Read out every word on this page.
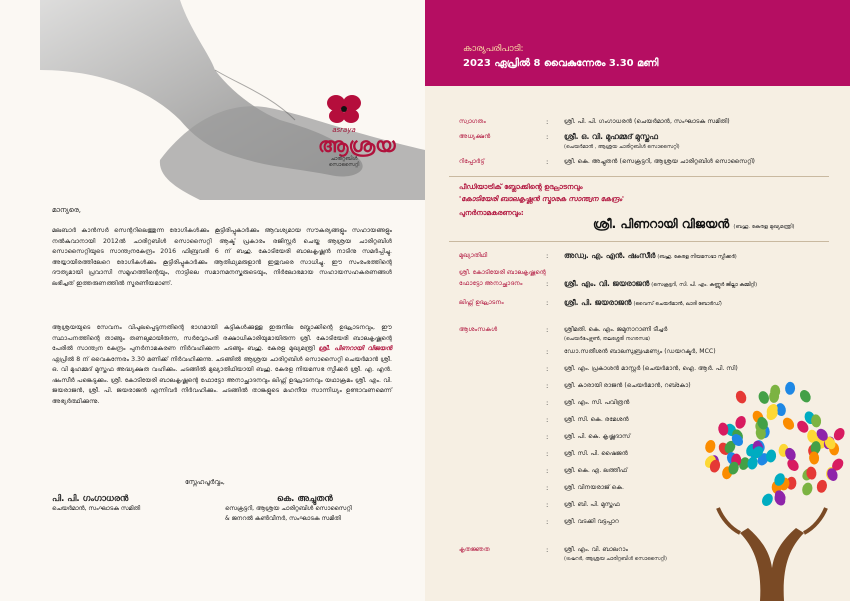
asraya
ആശ്രയ
ചാരിറ്റബിൾ സൊസൈറ്റി
മാന്യരെ,

മലബാർ കാൻസർ സെന്ററിലെത്തുന്ന രോഗികൾക്കും കൂട്ടിരിപ്പുകാർക്കും ആവശ്യമായ സൗകര്യങ്ങളും സഹായങ്ങളും നൽകുവാനായി 2012ൽ ചാരിറ്റബിൾ സൊസൈറ്റി ആക്ട് പ്രകാരം രജിസ്റ്റർ ചെയ്ത ആശ്രയ ചാരിറ്റബിൾ സൊസൈറ്റിയുടെ സാന്ത്വനകേന്ദ്രം 2016 ഫിബ്രവരി 6 ന് ബഹു. കോടിയേരി ബാലകൃഷ്ണൻ നാടിനു സമർപ്പിച്ചു. അയ്യായിരത്തിലേറെ രോഗികൾക്കും കൂട്ടിരിപ്പുകാർക്കും ആതിഥ്യമരുളാൻ ഇതുവരെ സാധിച്ചു. ഈ സംരംഭത്തിന്റെ ദൗത്യമായി പ്രവാസി സമൂഹത്തിന്റെയും, നാട്ടിലെ സമാനമനസ്കരുടെയും, നിർലോഭമായ സഹായസഹകരണങ്ങൾ ലഭിച്ചത് ഇത്തരുണത്തിൽ സ്മരണീയമാണ്.

ആശ്രയയുടെ സേവനം വിപുലപ്പെടുന്നതിന്റെ ഭാഗമായി കുട്ടികൾക്കുള്ള ഇരുനില ബ്ലോക്കിന്റെ ഉദ്ഘാടനവും, ഈ സ്ഥാപനത്തിന്റെ താങ്ങും തണലുമായിരുന്ന, സർവ്വോപരി രക്ഷാധികാരിയുമായിരുന്ന ശ്രീ. കോടിയേരി ബാലകൃഷ്ണന്റെ പേരിൽ സാന്ത്വന കേന്ദ്രം പുനർനാമകരണ നിർവഹിക്കുന്ന ചടങ്ങും ബഹു. കേരള മുഖ്യമന്ത്രി ശ്രീ. പിണറായി വിജയൻ ഏപ്രിൽ 8 ന് വൈകുന്നേരം 3.30 മണിക്ക് നിർവഹിക്കുന്നു. ചടങ്ങിൽ ആശ്രയ ചാരിറ്റബിൾ സൊസൈറ്റി ചെയർമാൻ ശ്രീ. ഒ. വി മുഹമ്മദ് മുസ്തഫ അദ്ധ്യക്ഷത വഹിക്കും. ചടങ്ങിൽ മുഖ്യാതിഥിയായി ബഹു. കേരള നിയമസഭ സ്പീക്കർ ശ്രീ. എ. എൻ. ഷംസീർ പങ്കെടുക്കും. ശ്രീ. കോടിയേരി ബാലകൃഷ്ണന്റെ ഫോട്ടോ അനാച്ഛാദനവും ലിഫ്റ്റ് ഉദ്ഘാടനവും യഥാക്രമം ശ്രീ. എം. വി. ജയരാജൻ, ശ്രീ. പി. ജയരാജൻ എന്നിവർ നിർവഹിക്കും. ചടങ്ങിൽ താങ്കളുടെ മഹനീയ സാന്നിധ്യം ഉണ്ടാവണമെന്ന് അഭ്യർത്ഥിക്കുന്നു.

സ്നേഹപൂർവ്വം,
പി. പി. ഗംഗാധരൻ
ചെയർമാൻ, സംഘാടക സമിതി
കെ. അച്ചുതൻ
സെക്രട്ടറി, ആശ്രയ ചാരിറ്റബിൾ സൊസൈറ്റി
& ജനറൽ കൺവീനർ, സംഘാടക സമിതി
കാര്യപരിപാടി:
2023 ഏപ്രിൽ 8 വൈകുന്നേരം 3.30 മണി
സ്വാഗതം	:	ശ്രീ. പി. പി. ഗംഗാധരൻ (ചെയർമാൻ, സംഘാടക സമിതി)
അധ്യക്ഷൻ	: ശ്രീ. ഒ. വി. മുഹമ്മദ് മുസ്തഫ
(ചെയർമാൻ , ആശ്രയ ചാരിറ്റബിൾ സൊസൈറ്റി)
റിപ്പോർട്ട്	:	ശ്രീ. കെ. അച്ചുതൻ (സെക്രട്ടറി, ആശ്രയ ചാരിറ്റബിൾ സൊസൈറ്റി)
പീഡിയാട്രിക് ബ്ലോക്കിന്റെ ഉദ്ഘാടനവും
'കോടിയേരി ബാലകൃഷ്ണൻ സ്മാരക സാന്ത്വന കേന്ദ്രം'
പുനർനാമകരണവും:
ശ്രീ. പിണറായി വിജയൻ (ബഹു. കേരള മുഖ്യമന്ത്രി)
മുഖ്യാതിഥി	: അഡ്വ. എ. എൻ. ഷംസീർ (ബഹു. കേരള നിയമസഭാ സ്പീക്കർ)
ശ്രീ. കോടിയേരി ബാലകൃഷ്ണന്റെ
ഫോട്ടോ അനാച്ഛാദനം	: ശ്രീ. എം. വി. ജയരാജൻ (സെക്രട്ടറി, സി. പി. എം. കണ്ണൂർ ജില്ലാ കമ്മിറ്റി)
ലിഫ്റ്റ് ഉദ്ഘാടനം	: ശ്രീ. പി. ജയരാജൻ (വൈസ് ചെയർമാൻ, ഖാദി ബോർഡ്)
ആശംസകൾ	:	ശ്രീമതി. കെ. എം. ജമുനാറാണി ടീച്ചർ
(ചെയർപേഴ്സൺ, തലശ്ശേരി നഗരസഭ)
:	ഡോ.സതീശൻ ബാലസുബ്രഹ്മണ്യം (ഡയറക്ടർ, MCC)
:	ശ്രീ. എം. പ്രകാശൻ മാസ്റ്റർ (ചെയർമാൻ, ഐ. ആർ. പി. സി)
:	ശ്രീ. കാരായി രാജൻ (ചെയർമാൻ, റബ്കോ)
:	ശ്രീ. എം. സി. പവിത്രൻ
:	ശ്രീ. സി. കെ. രമേശൻ
:	ശ്രീ. പി. കെ. കൃഷ്ണദാസ്
:	ശ്രീ. സി. പി. ഷൈജൻ
:	ശ്രീ. കെ. എ. ലത്തീഫ്
:	ശ്രീ. വിനയരാജ് കെ.
:	ശ്രീ. ബി. പി. മുസ്തഫ
:	ശ്രീ. വടക്കി വട്ടപ്പാറ
കൃതജ്ഞത	:	ശ്രീ. എം. വി. ബാലറാം
(ട്രഷറർ, ആശ്രയ ചാരിറ്റബിൾ സൊസൈറ്റി)
